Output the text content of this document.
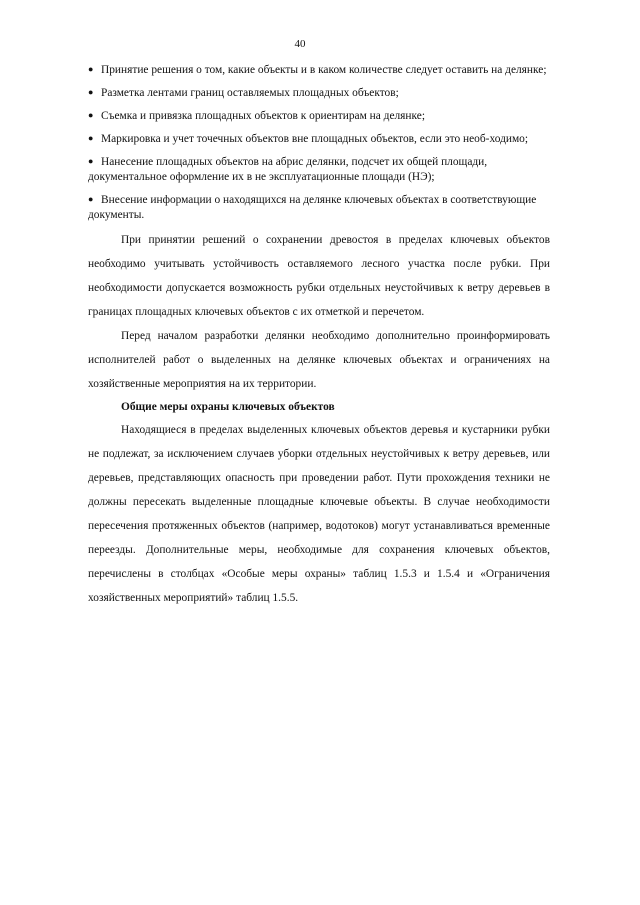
40
● Принятие решения о том, какие объекты и в каком количестве следует оставить на делянке;
● Разметка лентами границ оставляемых площадных объектов;
● Съемка и привязка площадных объектов к ориентирам на делянке;
● Маркировка и учет точечных объектов вне площадных объектов, если это необ-ходимо;
● Нанесение площадных объектов на абрис делянки, подсчет их общей площади, документальное оформление их в не эксплуатационные площади (НЭ);
● Внесение информации о находящихся на делянке ключевых объектах в соответствующие документы.

При принятии решений о сохранении древостоя в пределах ключевых объектов необходимо учитывать устойчивость оставляемого лесного участка после рубки. При необходимости допускается возможность рубки отдельных неустойчивых к ветру деревьев в границах площадных ключевых объектов с их отметкой и перечетом.

Перед началом разработки делянки необходимо дополнительно проинформировать исполнителей работ о выделенных на делянке ключевых объектах и ограничениях на хозяйственные мероприятия на их территории.

Общие меры охраны ключевых объектов

Находящиеся в пределах выделенных ключевых объектов деревья и кустарники рубки не подлежат, за исключением случаев уборки отдельных неустойчивых к ветру деревьев, или деревьев, представляющих опасность при проведении работ. Пути прохождения техники не должны пересекать выделенные площадные ключевые объекты. В случае необходимости пересечения протяженных объектов (например, водотоков) могут устанавливаться временные переезды. Дополнительные меры, необходимые для сохранения ключевых объектов, перечислены в столбцах «Особые меры охраны» таблиц 1.5.3 и 1.5.4 и «Ограничения хозяйственных мероприятий» таблиц 1.5.5.
